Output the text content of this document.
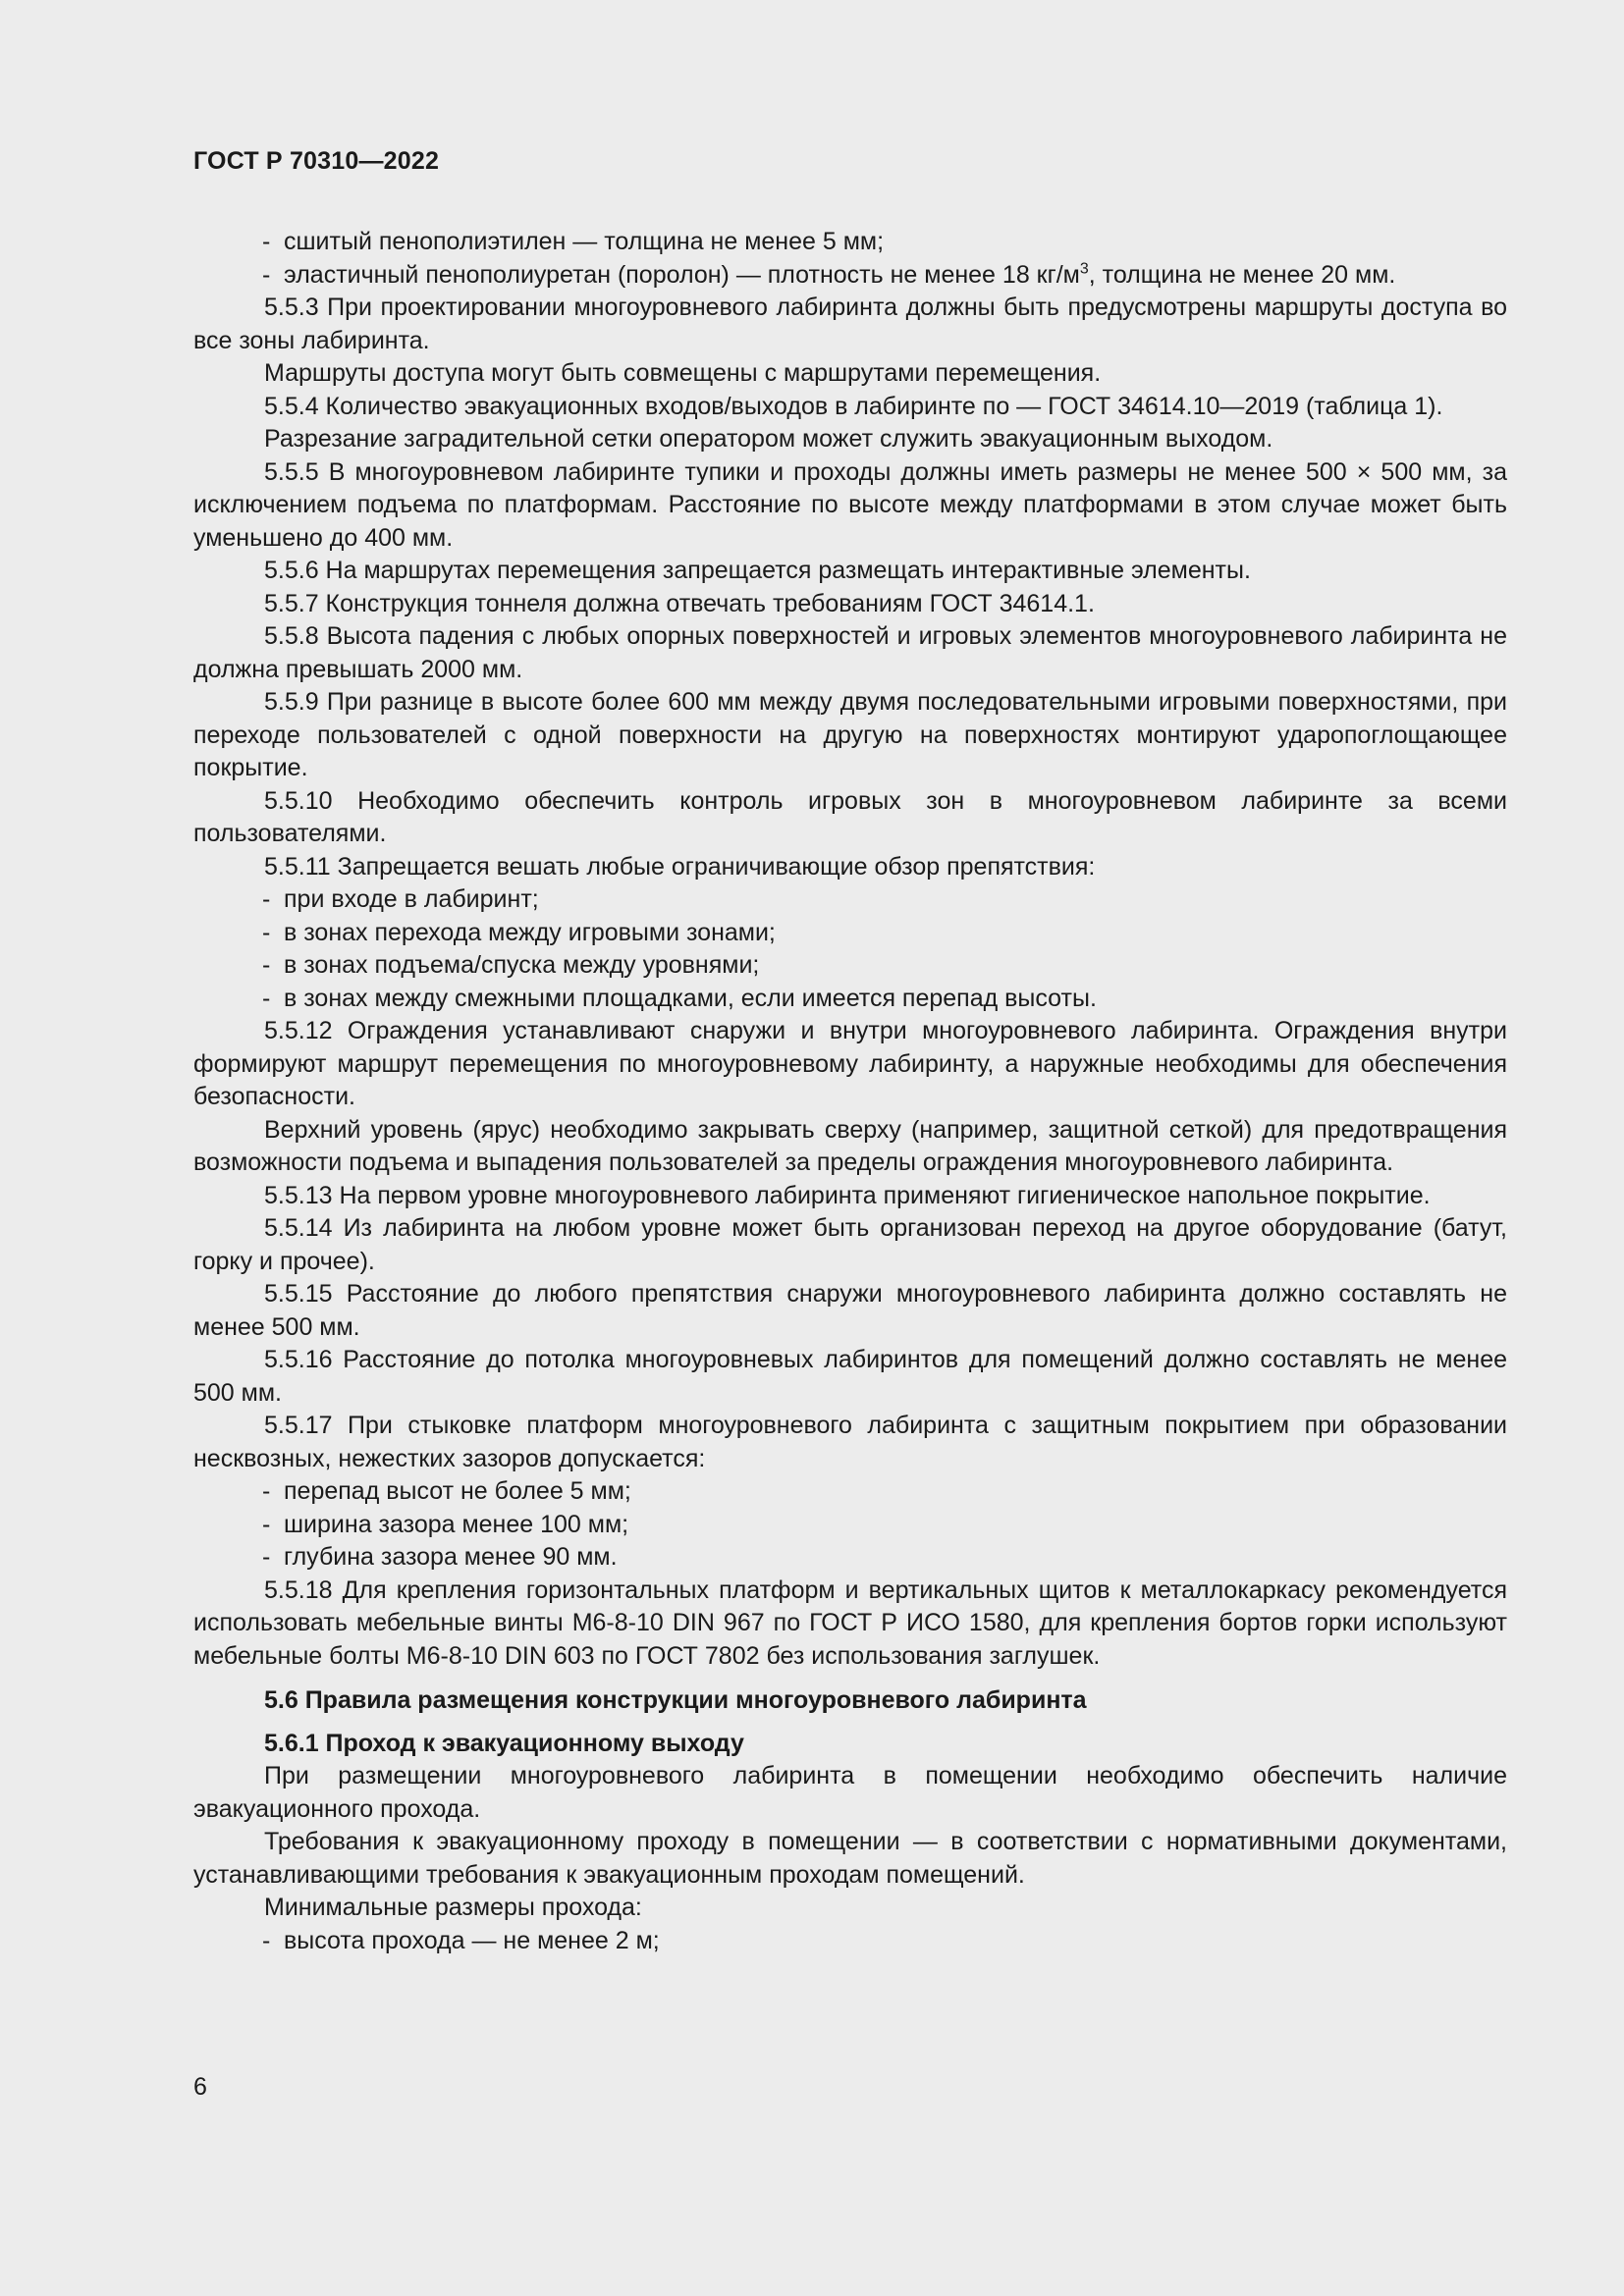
ГОСТ Р 70310—2022

- сшитый пенополиэтилен — толщина не менее 5 мм;

- эластичный пенополиуретан (поролон) — плотность не менее 18 $кг/м^3$, толщина не менее 20 мм.

5.5.3 При проектировании многоуровневого лабиринта должны быть предусмотрены маршруты доступа во все зоны лабиринта.

Маршруты доступа могут быть совмещены с маршрутами перемещения.

5.5.4 Количество эвакуационных входов/выходов в лабиринте по — ГОСТ 34614.10—2019 (таблица 1).

Разрезание заградительной сетки оператором может служить эвакуационным выходом.

5.5.5 В многоуровневом лабиринте тупики и проходы должны иметь размеры не менее 500 × 500 мм, за исключением подъема по платформам. Расстояние по высоте между платформами в этом случае может быть уменьшено до 400 мм.

5.5.6 На маршрутах перемещения запрещается размещать интерактивные элементы.

5.5.7 Конструкция тоннеля должна отвечать требованиям ГОСТ 34614.1.

5.5.8 Высота падения с любых опорных поверхностей и игровых элементов многоуровневого лабиринта не должна превышать 2000 мм.

5.5.9 При разнице в высоте более 600 мм между двумя последовательными игровыми поверхностями, при переходе пользователей с одной поверхности на другую на поверхностях монтируют ударопоглощающее покрытие.

5.5.10 Необходимо обеспечить контроль игровых зон в многоуровневом лабиринте за всеми пользователями.

5.5.11 Запрещается вешать любые ограничивающие обзор препятствия:

- при входе в лабиринт;

- в зонах перехода между игровыми зонами;

- в зонах подъема/спуска между уровнями;

- в зонах между смежными площадками, если имеется перепад высоты.

5.5.12 Ограждения устанавливают снаружи и внутри многоуровневого лабиринта. Ограждения внутри формируют маршрут перемещения по многоуровневому лабиринту, а наружные необходимы для обеспечения безопасности.

Верхний уровень (ярус) необходимо закрывать сверху (например, защитной сеткой) для предотвращения возможности подъема и выпадения пользователей за пределы ограждения многоуровневого лабиринта.

5.5.13 На первом уровне многоуровневого лабиринта применяют гигиеническое напольное покрытие.

5.5.14 Из лабиринта на любом уровне может быть организован переход на другое оборудование (батут, горку и прочее).

5.5.15 Расстояние до любого препятствия снаружи многоуровневого лабиринта должно составлять не менее 500 мм.

5.5.16 Расстояние до потолка многоуровневых лабиринтов для помещений должно составлять не менее 500 мм.

5.5.17 При стыковке платформ многоуровневого лабиринта с защитным покрытием при образовании несквозных, нежестких зазоров допускается:

- перепад высот не более 5 мм;

- ширина зазора менее 100 мм;

- глубина зазора менее 90 мм.

5.5.18 Для крепления горизонтальных платформ и вертикальных щитов к металлокаркасу рекомендуется использовать мебельные винты М6-8-10 DIN 967 по ГОСТ Р ИСО 1580, для крепления бортов горки используют мебельные болты М6-8-10 DIN 603 по ГОСТ 7802 без использования заглушек.

5.6 Правила размещения конструкции многоуровневого лабиринта

5.6.1 Проход к эвакуационному выходу

При размещении многоуровневого лабиринта в помещении необходимо обеспечить наличие эвакуационного прохода.

Требования к эвакуационному проходу в помещении — в соответствии с нормативными документами, устанавливающими требования к эвакуационным проходам помещений.

Минимальные размеры прохода:

- высота прохода — не менее 2 м;

6
